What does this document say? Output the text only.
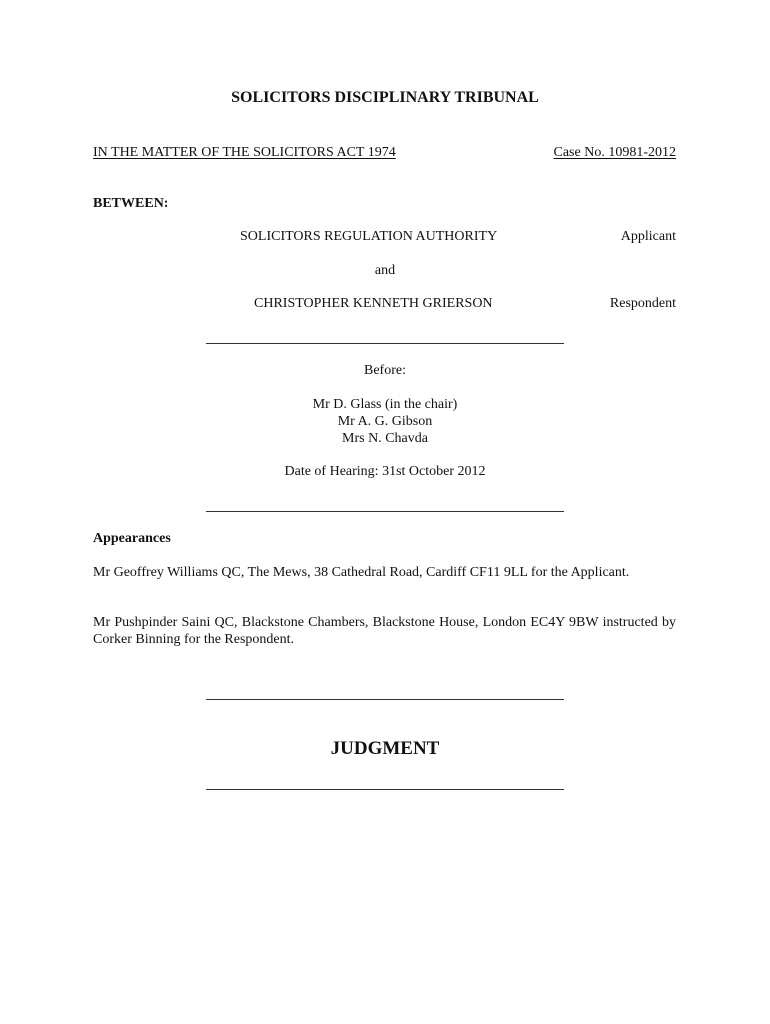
SOLICITORS DISCIPLINARY TRIBUNAL
IN THE MATTER OF THE SOLICITORS ACT 1974	Case No. 10981-2012
BETWEEN:
SOLICITORS REGULATION AUTHORITY	Applicant
and
CHRISTOPHER KENNETH GRIERSON	Respondent
Before:
Mr D. Glass (in the chair)
Mr A. G. Gibson
Mrs N. Chavda
Date of Hearing: 31st October 2012
Appearances
Mr Geoffrey Williams QC, The Mews, 38 Cathedral Road, Cardiff CF11 9LL for the Applicant.
Mr Pushpinder Saini QC, Blackstone Chambers, Blackstone House, London EC4Y 9BW instructed by Corker Binning for the Respondent.
JUDGMENT
